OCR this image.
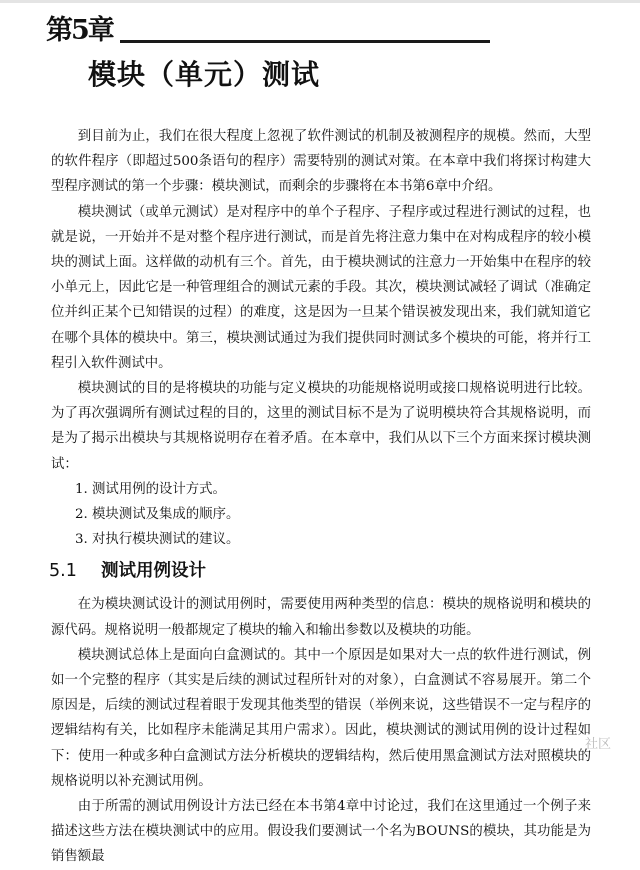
第5章
模块（单元）测试

到目前为止，我们在很大程度上忽视了软件测试的机制及被测程序的规模。然而，大型的软件程序（即超过500条语句的程序）需要特别的测试对策。在本章中我们将探讨构建大型程序测试的第一个步骤：模块测试，而剩余的步骤将在本书第6章中介绍。

模块测试（或单元测试）是对程序中的单个子程序、子程序或过程进行测试的过程，也就是说，一开始并不是对整个程序进行测试，而是首先将注意力集中在对构成程序的较小模块的测试上面。这样做的动机有三个。首先，由于模块测试的注意力一开始集中在程序的较小单元上，因此它是一种管理组合的测试元素的手段。其次，模块测试减轻了调试（准确定位并纠正某个已知错误的过程）的难度，这是因为一旦某个错误被发现出来，我们就知道它在哪个具体的模块中。第三，模块测试通过为我们提供同时测试多个模块的可能，将并行工程引入软件测试中。

模块测试的目的是将模块的功能与定义模块的功能规格说明或接口规格说明进行比较。为了再次强调所有测试过程的目的，这里的测试目标不是为了说明模块符合其规格说明，而是为了揭示出模块与其规格说明存在着矛盾。在本章中，我们从以下三个方面来探讨模块测试：

1. 测试用例的设计方式。
2. 模块测试及集成的顺序。
3. 对执行模块测试的建议。
5.1 测试用例设计

在为模块测试设计的测试用例时，需要使用两种类型的信息：模块的规格说明和模块的源代码。规格说明一般都规定了模块的输入和输出参数以及模块的功能。

模块测试总体上是面向白盒测试的。其中一个原因是如果对大一点的软件进行测试，例如一个完整的程序（其实是后续的测试过程所针对的对象），白盒测试不容易展开。第二个原因是，后续的测试过程着眼于发现其他类型的错误（举例来说，这些错误不一定与程序的逻辑结构有关，比如程序未能满足其用户需求）。因此，模块测试的测试用例的设计过程如下：使用一种或多种白盒测试方法分析模块的逻辑结构，然后使用黑盒测试方法对照模块的规格说明以补充测试用例。

由于所需的测试用例设计方法已经在本书第4章中讨论过，我们在这里通过一个例子来描述这些方法在模块测试中的应用。假设我们要测试一个名为BOUNS的模块，其功能是为销售额最

社区
